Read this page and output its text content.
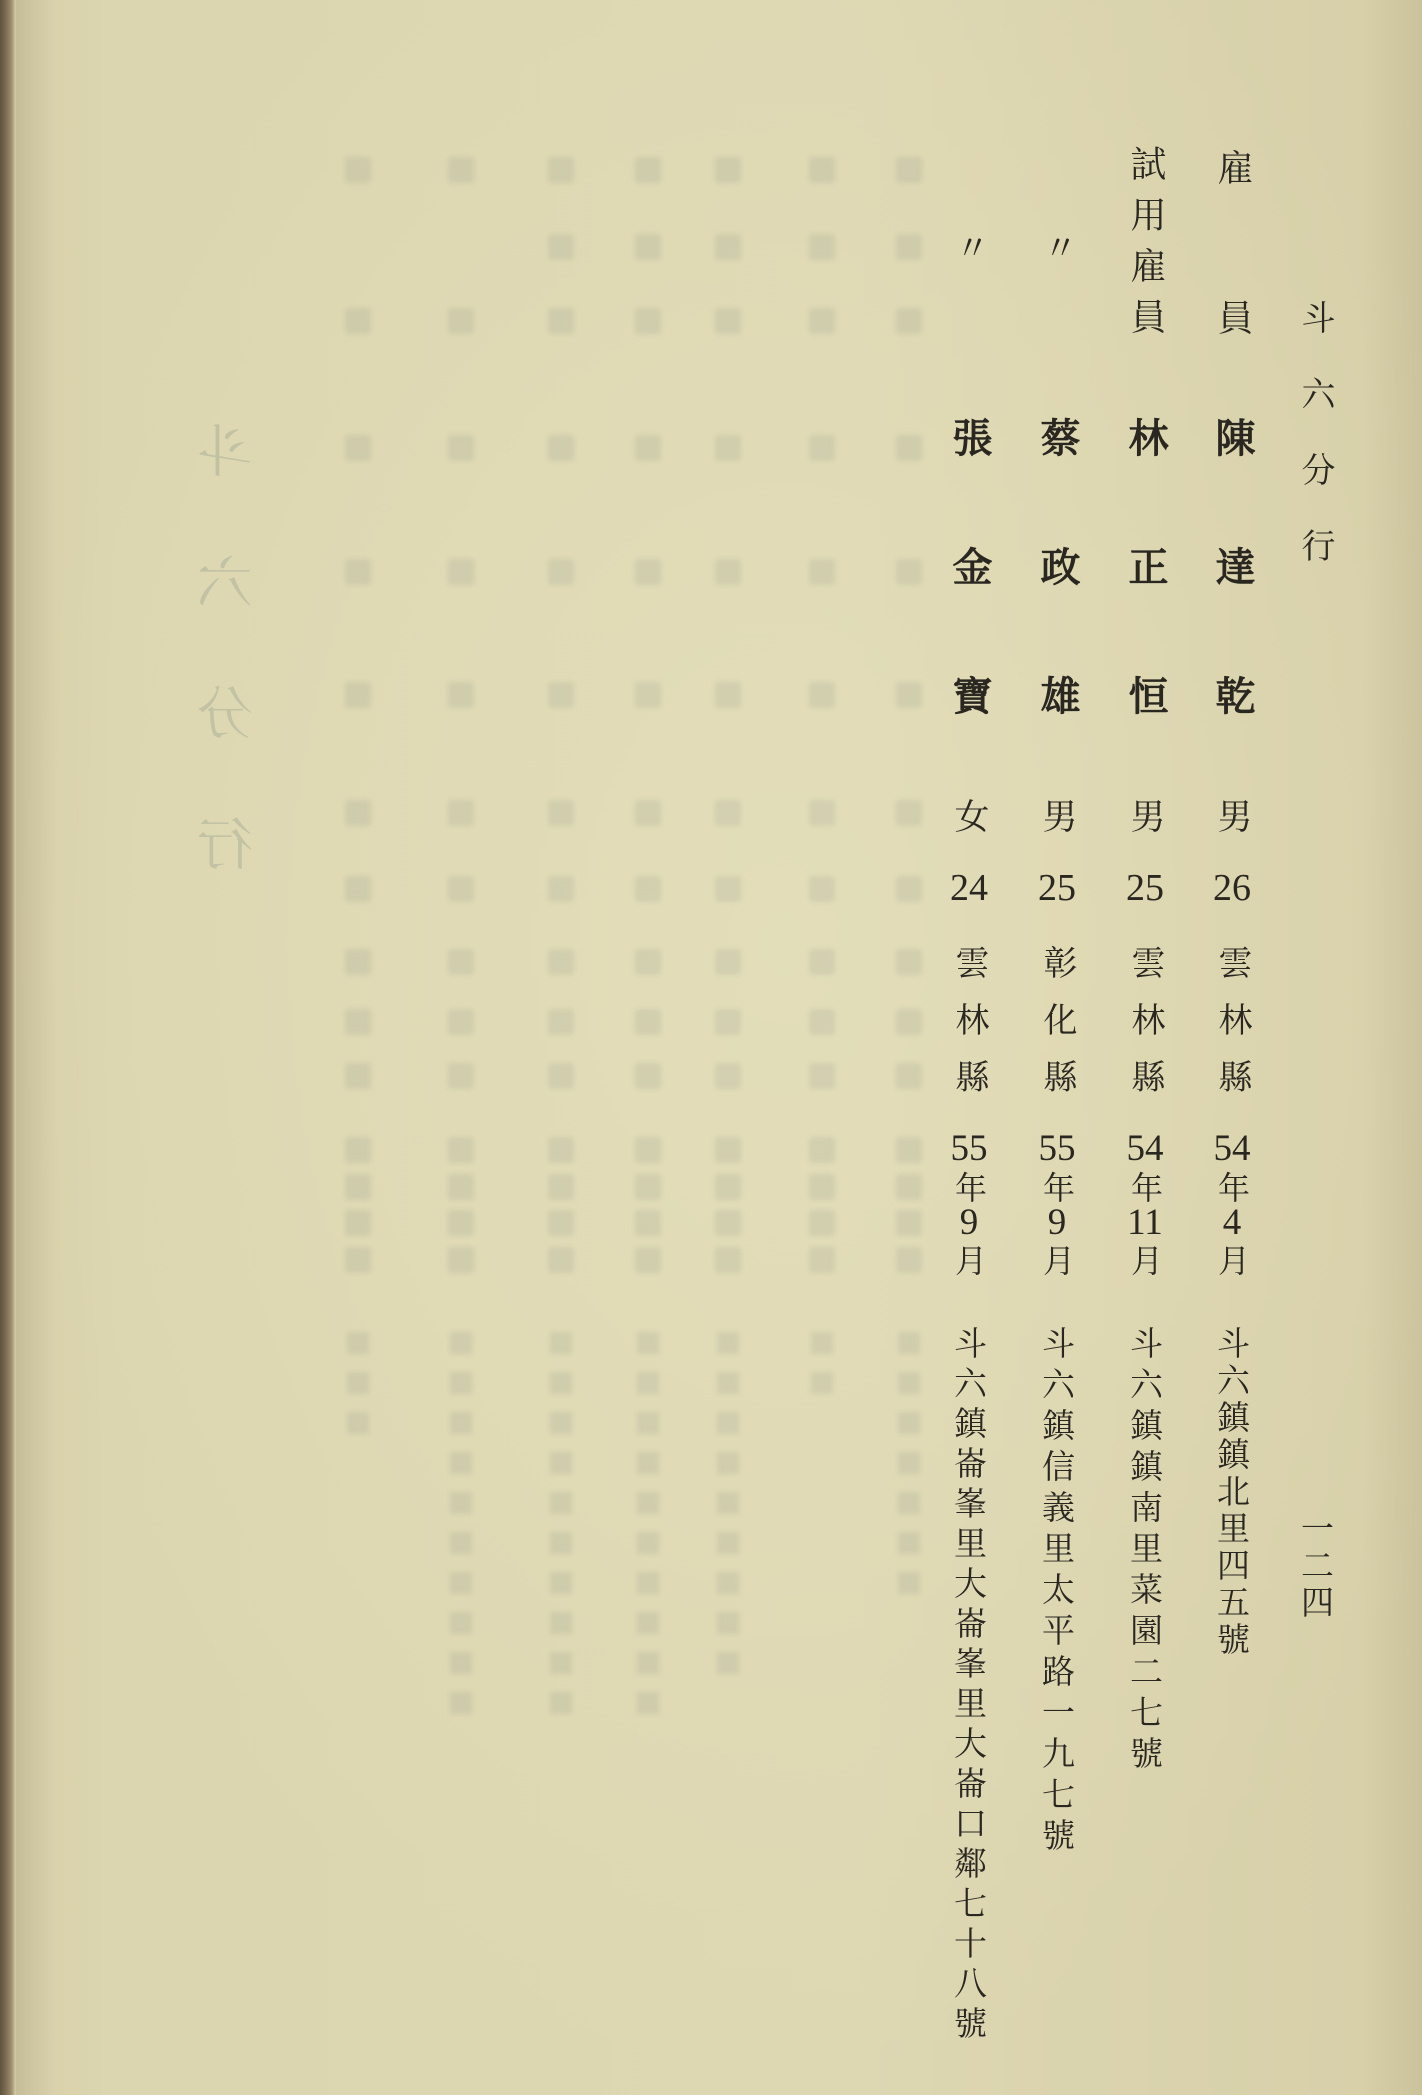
斗六分行	斗六分行
一二四
雇員
陳達乾
男
26
雲林縣
54
年
4
月
斗六鎮鎮北里四五號
試用雇員
林正恒
男
25
雲林縣
54
年
11
月
斗六鎮鎮南里菜園二七號
〃
蔡政雄
男
25
彰化縣
55
年
9
月
斗六鎮信義里太平路一九七號
〃
張金寶
女
24
雲林縣
55
年
9
月
斗六鎮崙峯里大崙峯里大崙口鄰七十八號
